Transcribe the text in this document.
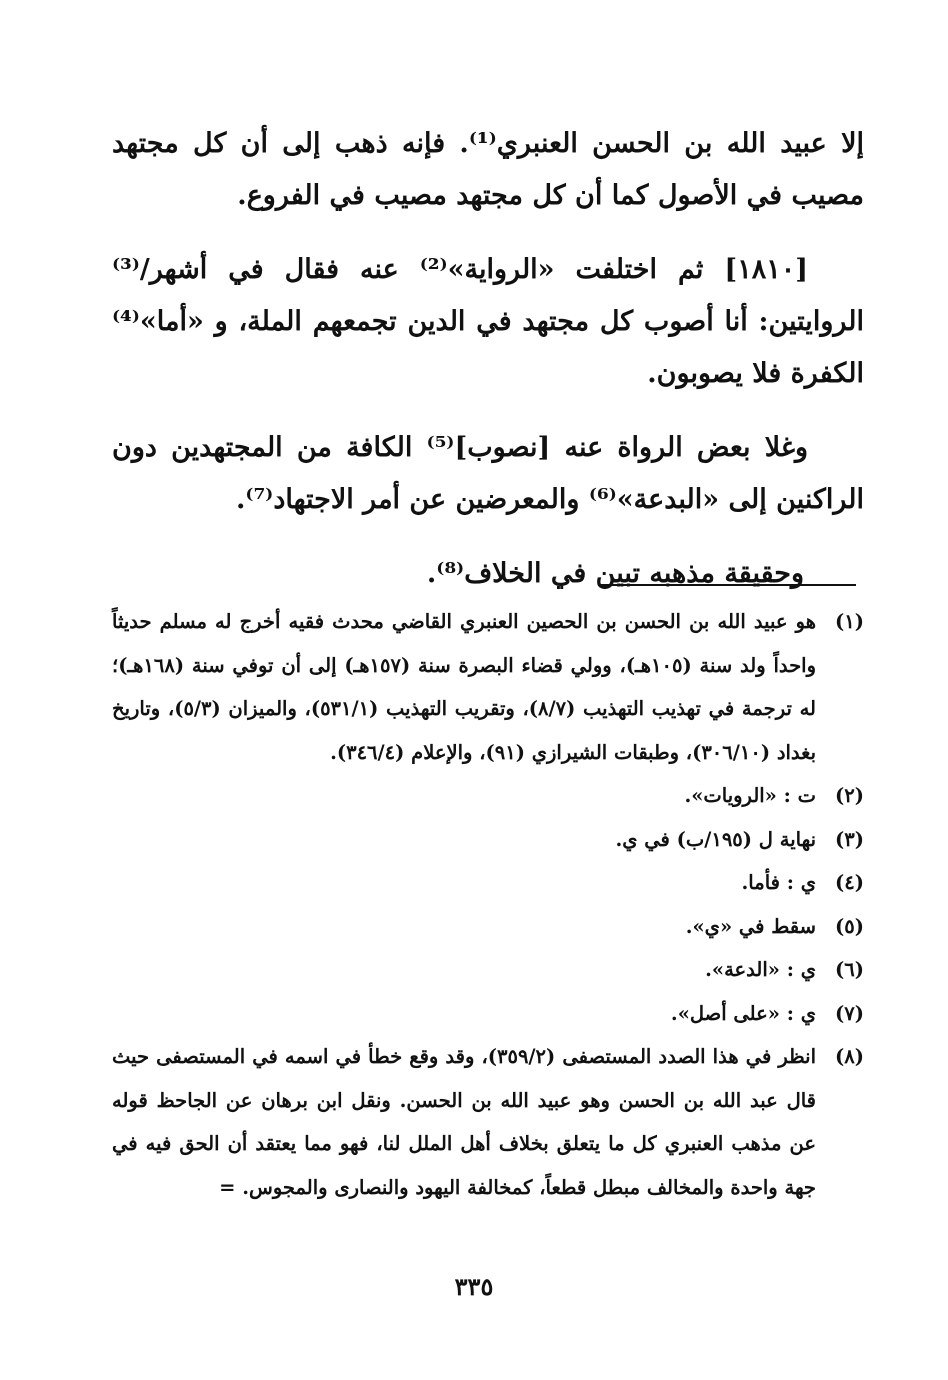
إلا عبيد الله بن الحسن العنبري⁽¹⁾. فإنه ذهب إلى أن كل مجتهد مصيب في الأصول كما أن كل مجتهد مصيب في الفروع.

[١٨١٠] ثم اختلفت «الرواية»⁽²⁾ عنه فقال في أشهر/⁽³⁾ الروايتين: أنا أصوب كل مجتهد في الدين تجمعهم الملة، و «أما»⁽⁴⁾ الكفرة فلا يصوبون.

وغلا بعض الرواة عنه [نصوب]⁽⁵⁾ الكافة من المجتهدين دون الراكنين إلى «البدعة»⁽⁶⁾ والمعرضين عن أمر الاجتهاد⁽⁷⁾.

وحقيقة مذهبه تبين في الخلاف⁽⁸⁾.

(١)
هو عبيد الله بن الحسن بن الحصين العنبري القاضي محدث فقيه أخرج له مسلم حديثاً واحداً ولد سنة (١٠٥هـ)، وولي قضاء البصرة سنة (١٥٧هـ) إلى أن توفي سنة (١٦٨هـ)؛ له ترجمة في تهذيب التهذيب (٨/٧)، وتقريب التهذيب (٥٣١/١)، والميزان (٥/٣)، وتاريخ بغداد (٣٠٦/١٠)، وطبقات الشيرازي (٩١)، والإعلام (٣٤٦/٤).
(٢)
ت : «الرويات».
(٣)
نهاية ل (١٩٥/ب) في ي.
(٤)
ي : فأما.
(٥)
سقط في «ي».
(٦)
ي : «الدعة».
(٧)
ي : «على أصل».
(٨)
انظر في هذا الصدد المستصفى (٣٥٩/٢)، وقد وقع خطأ في اسمه في المستصفى حيث قال عبد الله بن الحسن وهو عبيد الله بن الحسن. ونقل ابن برهان عن الجاحظ قوله عن مذهب العنبري كل ما يتعلق بخلاف أهل الملل لنا، فهو مما يعتقد أن الحق فيه في جهة واحدة والمخالف مبطل قطعاً، كمخالفة اليهود والنصارى والمجوس. =
٣٣٥
